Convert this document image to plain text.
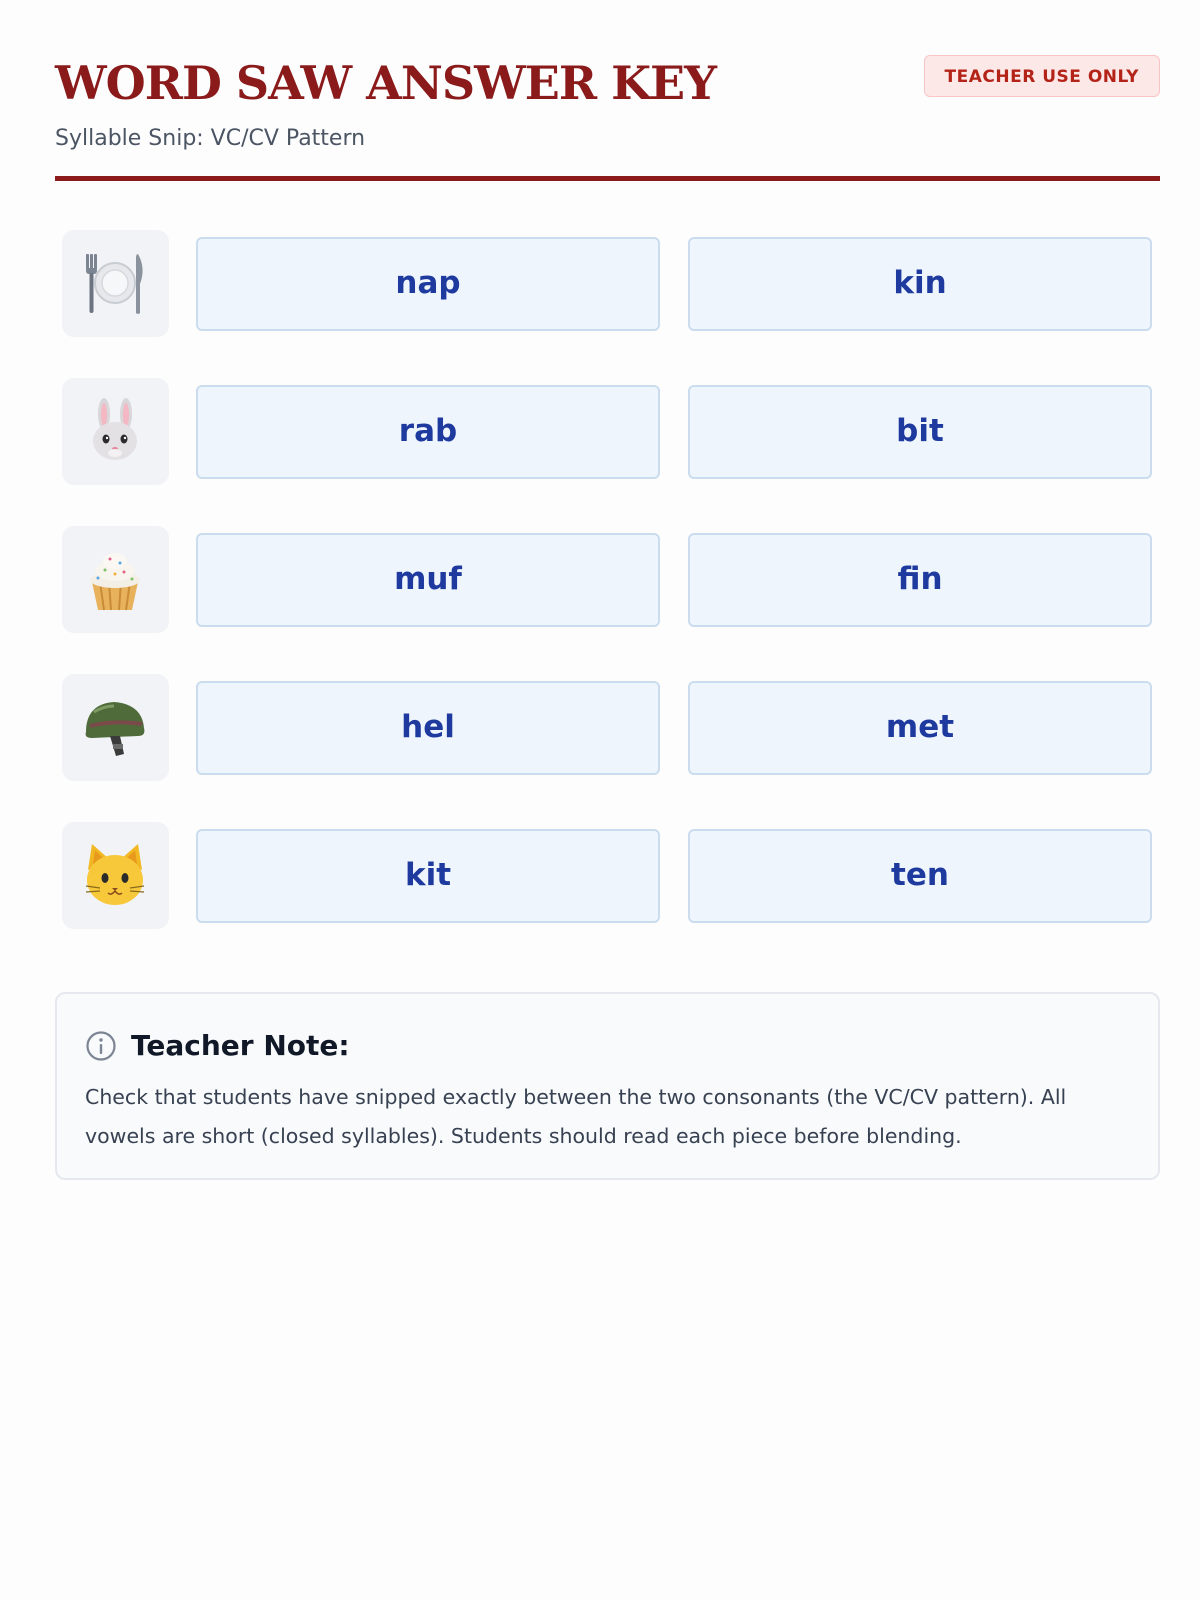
WORD SAW ANSWER KEY
Syllable Snip: VC/CV Pattern
TEACHER USE ONLY
nap	kin
rab	bit
muf	fin
hel	met
kit	ten
Teacher Note:
Check that students have snipped exactly between the two consonants (the VC/CV pattern). All vowels are short (closed syllables). Students should read each piece before blending.
